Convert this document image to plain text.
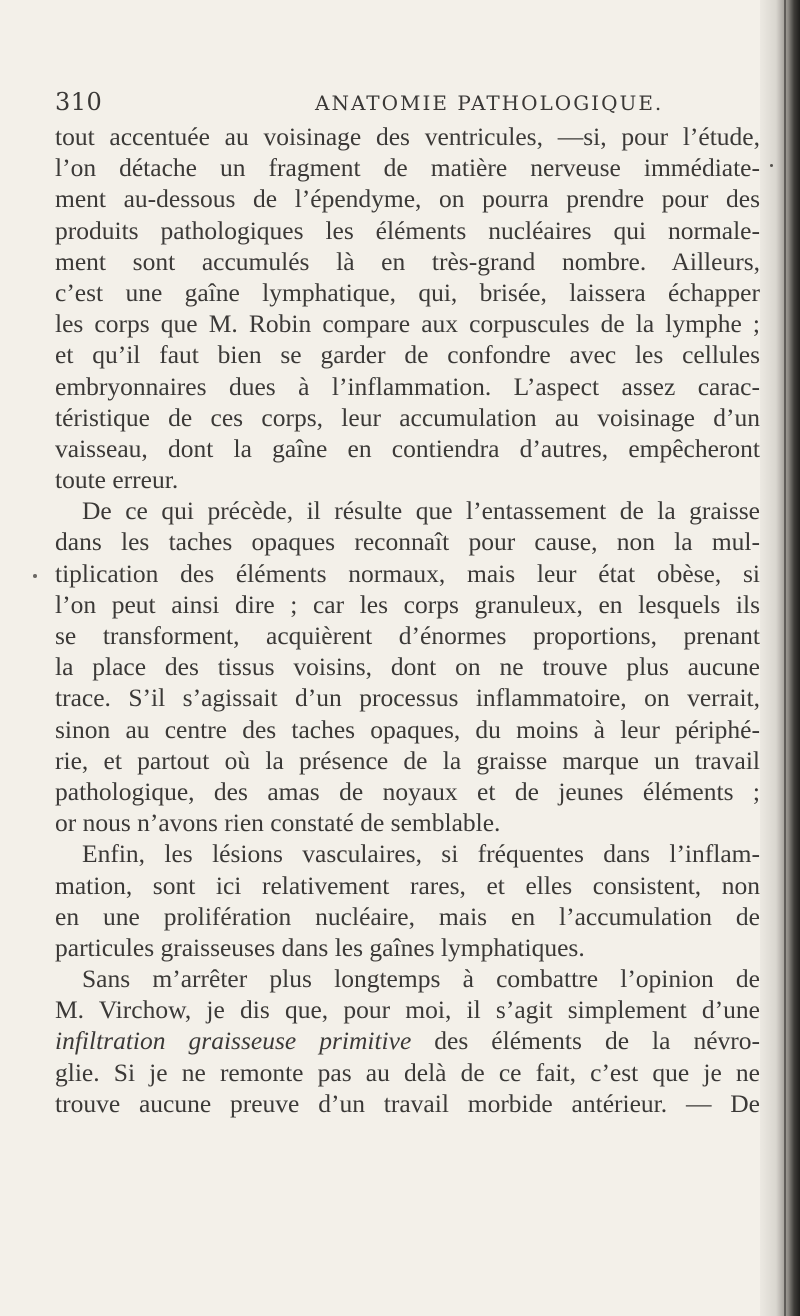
310	ANATOMIE PATHOLOGIQUE.
tout accentuée au voisinage des ventricules, —si, pour l’étude,
l’on détache un fragment de matière nerveuse immédiate-
ment au-dessous de l’épendyme, on pourra prendre pour des
produits pathologiques les éléments nucléaires qui normale-
ment sont accumulés là en très-grand nombre. Ailleurs,
c’est une gaîne lymphatique, qui, brisée, laissera échapper
les corps que M. Robin compare aux corpuscules de la lymphe ;
et qu’il faut bien se garder de confondre avec les cellules
embryonnaires dues à l’inflammation. L’aspect assez carac-
téristique de ces corps, leur accumulation au voisinage d’un
vaisseau, dont la gaîne en contiendra d’autres, empêcheront
toute erreur.
De ce qui précède, il résulte que l’entassement de la graisse
dans les taches opaques reconnaît pour cause, non la mul-
tiplication des éléments normaux, mais leur état obèse, si
l’on peut ainsi dire ; car les corps granuleux, en lesquels ils
se transforment, acquièrent d’énormes proportions, prenant
la place des tissus voisins, dont on ne trouve plus aucune
trace. S’il s’agissait d’un processus inflammatoire, on verrait,
sinon au centre des taches opaques, du moins à leur périphé-
rie, et partout où la présence de la graisse marque un travail
pathologique, des amas de noyaux et de jeunes éléments ;
or nous n’avons rien constaté de semblable.
Enfin, les lésions vasculaires, si fréquentes dans l’inflam-
mation, sont ici relativement rares, et elles consistent, non
en une prolifération nucléaire, mais en l’accumulation de
particules graisseuses dans les gaînes lymphatiques.
Sans m’arrêter plus longtemps à combattre l’opinion de
M. Virchow, je dis que, pour moi, il s’agit simplement d’une
infiltration graisseuse primitive des éléments de la névro-
glie. Si je ne remonte pas au delà de ce fait, c’est que je ne
trouve aucune preuve d’un travail morbide antérieur. — De
